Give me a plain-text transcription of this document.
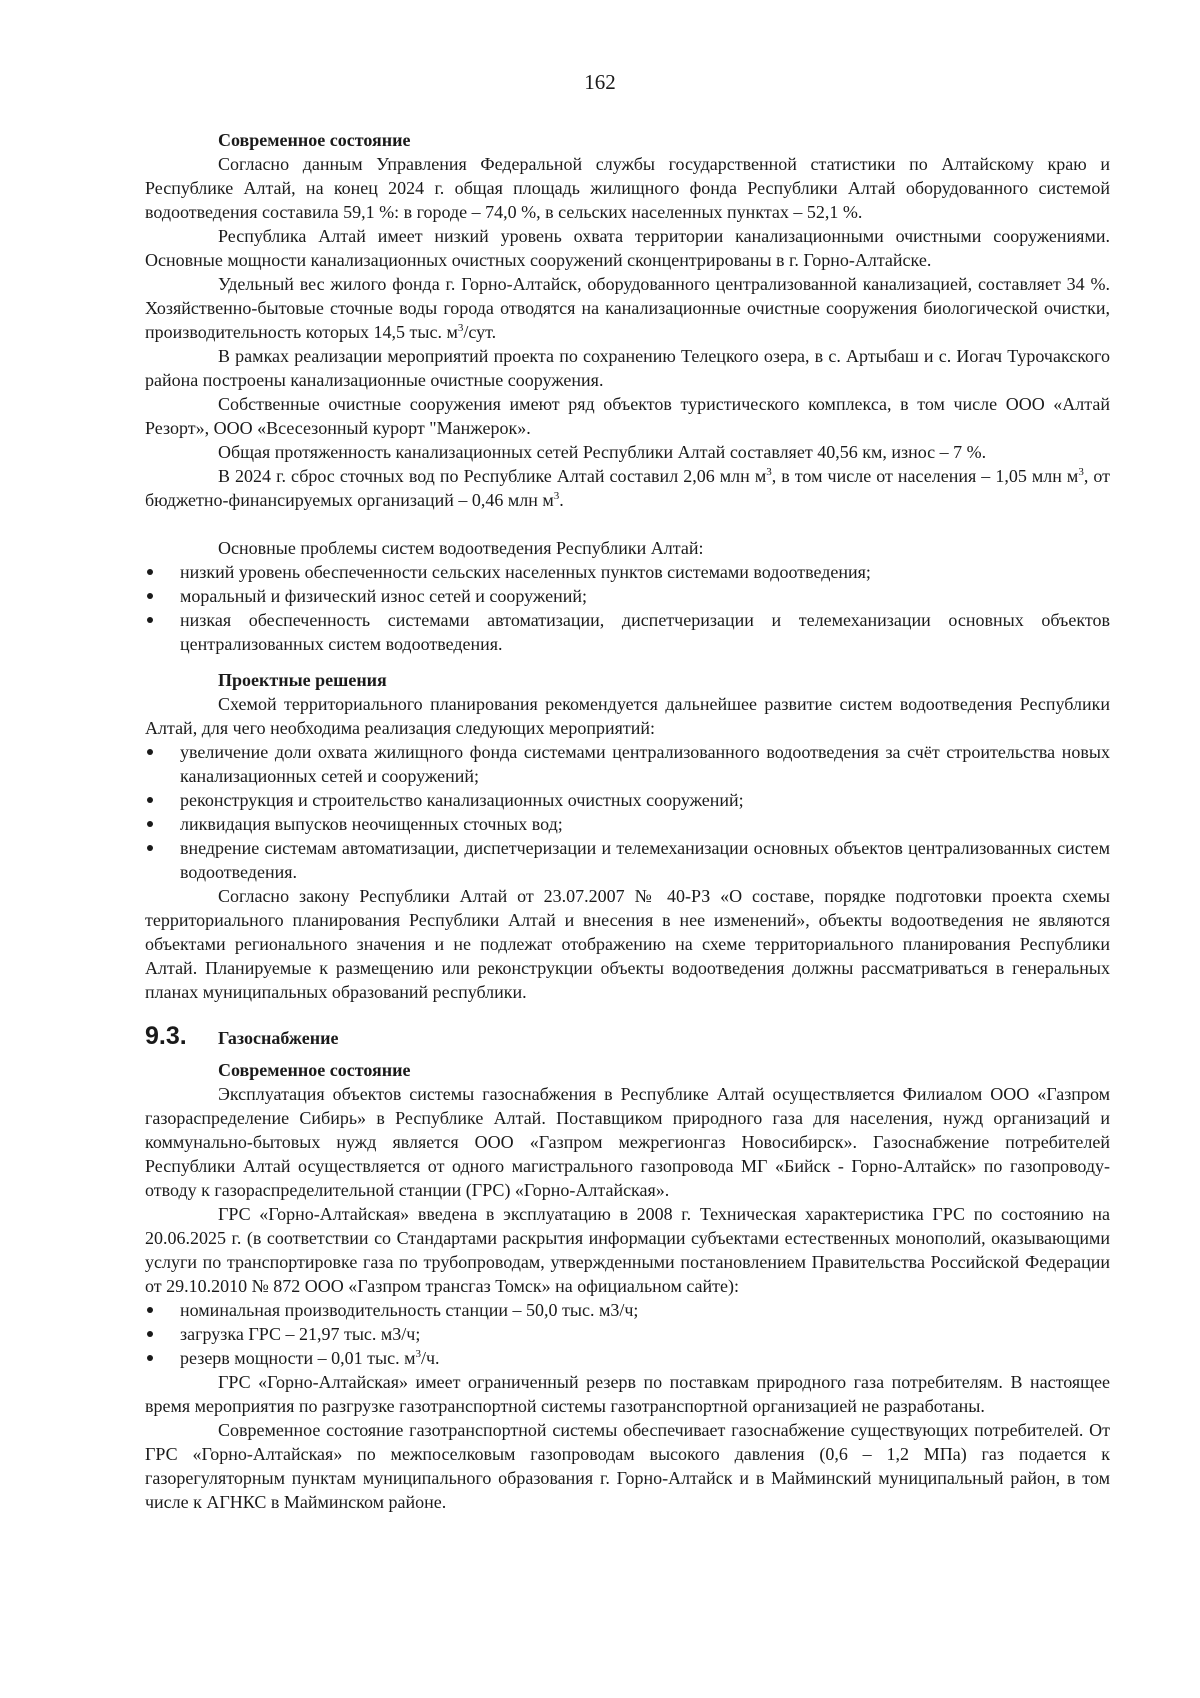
162
Современное состояние

Согласно данным Управления Федеральной службы государственной статистики по Алтайскому краю и Республике Алтай, на конец 2024 г. общая площадь жилищного фонда Республики Алтай оборудованного системой водоотведения составила 59,1 %: в городе – 74,0 %, в сельских населенных пунктах – 52,1 %.

Республика Алтай имеет низкий уровень охвата территории канализационными очистными сооружениями. Основные мощности канализационных очистных сооружений сконцентрированы в г. Горно-Алтайске.

Удельный вес жилого фонда г. Горно-Алтайск, оборудованного централизованной канализацией, составляет 34 %. Хозяйственно-бытовые сточные воды города отводятся на канализационные очистные сооружения биологической очистки, производительность которых 14,5 тыс. $м^3$/сут.

В рамках реализации мероприятий проекта по сохранению Телецкого озера, в с. Артыбаш и с. Иогач Турочакского района построены канализационные очистные сооружения.

Собственные очистные сооружения имеют ряд объектов туристического комплекса, в том числе ООО «Алтай Резорт», ООО «Всесезонный курорт "Манжерок».

Общая протяженность канализационных сетей Республики Алтай составляет 40,56 км, износ – 7 %.

В 2024 г. сброс сточных вод по Республике Алтай составил 2,06 млн $м^3$, в том числе от населения – 1,05 млн $м^3$, от бюджетно-финансируемых организаций – 0,46 млн $м^3$.

Основные проблемы систем водоотведения Республики Алтай:

низкий уровень обеспеченности сельских населенных пунктов системами водоотведения;
моральный и физический износ сетей и сооружений;
низкая обеспеченность системами автоматизации, диспетчеризации и телемеханизации основных объектов централизованных систем водоотведения.
Проектные решения

Схемой территориального планирования рекомендуется дальнейшее развитие систем водоотведения Республики Алтай, для чего необходима реализация следующих мероприятий:

увеличение доли охвата жилищного фонда системами централизованного водоотведения за счёт строительства новых канализационных сетей и сооружений;
реконструкция и строительство канализационных очистных сооружений;
ликвидация выпусков неочищенных сточных вод;
внедрение системам автоматизации, диспетчеризации и телемеханизации основных объектов централизованных систем водоотведения.

Согласно закону Республики Алтай от 23.07.2007 № 40-РЗ «О составе, порядке подготовки проекта схемы территориального планирования Республики Алтай и внесения в нее изменений», объекты водоотведения не являются объектами регионального значения и не подлежат отображению на схеме территориального планирования Республики Алтай. Планируемые к размещению или реконструкции объекты водоотведения должны рассматриваться в генеральных планах муниципальных образований республики.

9.3.	Газоснабжение
Современное состояние

Эксплуатация объектов системы газоснабжения в Республике Алтай осуществляется Филиалом ООО «Газпром газораспределение Сибирь» в Республике Алтай. Поставщиком природного газа для населения, нужд организаций и коммунально-бытовых нужд является ООО «Газпром межрегионгаз Новосибирск». Газоснабжение потребителей Республики Алтай осуществляется от одного магистрального газопровода МГ «Бийск - Горно-Алтайск» по газопроводу-отводу к газораспределительной станции (ГРС) «Горно-Алтайская».

ГРС «Горно-Алтайская» введена в эксплуатацию в 2008 г. Техническая характеристика ГРС по состоянию на 20.06.2025 г. (в соответствии со Стандартами раскрытия информации субъектами естественных монополий, оказывающими услуги по транспортировке газа по трубопроводам, утвержденными постановлением Правительства Российской Федерации от 29.10.2010 № 872 ООО «Газпром трансгаз Томск» на официальном сайте):

номинальная производительность станции – 50,0 тыс. м3/ч;
загрузка ГРС – 21,97 тыс. м3/ч;
резерв мощности – 0,01 тыс. $м^3/ч$.

ГРС «Горно-Алтайская» имеет ограниченный резерв по поставкам природного газа потребителям. В настоящее время мероприятия по разгрузке газотранспортной системы газотранспортной организацией не разработаны.

Современное состояние газотранспортной системы обеспечивает газоснабжение существующих потребителей. От ГРС «Горно-Алтайская» по межпоселковым газопроводам высокого давления (0,6 – 1,2 МПа) газ подается к газорегуляторным пунктам муниципального образования г. Горно-Алтайск и в Майминский муниципальный район, в том числе к АГНКС в Майминском районе.
